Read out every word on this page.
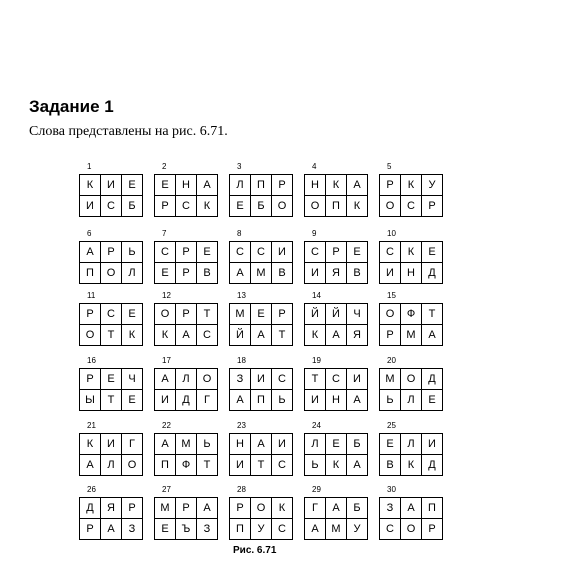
Задание 1
Слова представлены на рис. 6.71.
1
К	И	Е
И	С	Б
2
Е	Н	А
Р	С	К
3
Л	П	Р
Е	Б	О
4
Н	К	А
О	П	К
5
Р	К	У
О	С	Р
6
А	Р	Ь
П	О	Л
7
С	Р	Е
Е	Р	В
8
С	С	И
А	М	В
9
С	Р	Е
И	Я	В
10
С	К	Е
И	Н	Д
11
Р	С	Е
О	Т	К
12
О	Р	Т
К	А	С
13
М	Е	Р
Й	А	Т
14
Й	Й	Ч
К	А	Я
15
О	Ф	Т
Р	М	А
16
Р	Е	Ч
Ы	Т	Е
17
А	Л	О
И	Д	Г
18
З	И	С
А	П	Ь
19
Т	С	И
И	Н	А
20
М	О	Д
Ь	Л	Е
21
К	И	Г
А	Л	О
22
А	М	Ь
П	Ф	Т
23
Н	А	И
И	Т	С
24
Л	Е	Б
Ь	К	А
25
Е	Л	И
В	К	Д
26
Д	Я	Р
Р	А	З
27
М	Р	А
Е	Ъ	З
28
Р	О	К
П	У	С
29
Г	А	Б
А	М	У
30
З	А	П
С	О	Р
Рис. 6.71
